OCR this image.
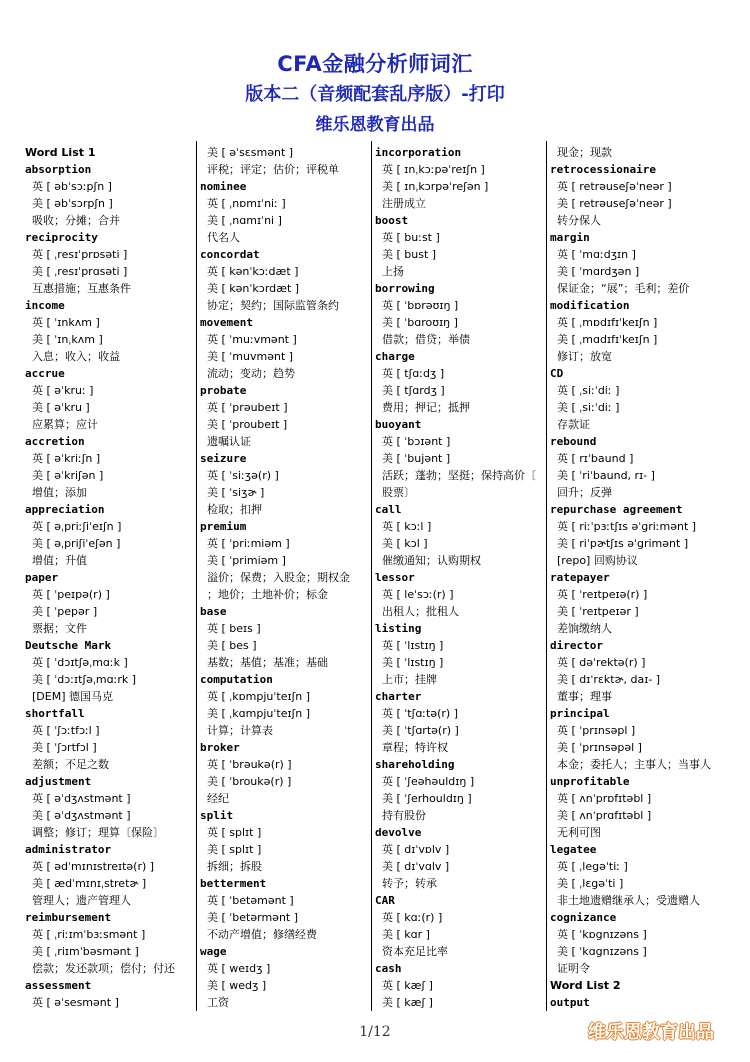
CFA金融分析师词汇
版本二（音频配套乱序版）-打印
维乐恩教育出品
Word List 1
absorption
英 [ əbˈsɔːpʃn ]
美 [ əbˈsɔrpʃn ]
吸收；分摊；合并
reciprocity
英 [ ˌresɪˈprɒsəti ]
美 [ ˌresɪˈprɑsəti ]
互惠措施；互惠条件
income
英 [ ˈɪnkʌm ]
美 [ ˈɪnˌkʌm ]
入息；收入；收益
accrue
英 [ əˈkruː ]
美 [ əˈkru ]
应累算；应计
accretion
英 [ əˈkriːʃn ]
美 [ əˈkriʃən ]
增值；添加
appreciation
英 [ əˌpriːʃiˈeɪʃn ]
美 [ əˌpriʃiˈeʃən ]
增值；升值
paper
英 [ ˈpeɪpə(r) ]
美 [ ˈpepər ]
票据；文件
Deutsche Mark
英 [ ˈdɔɪtʃəˌmɑːk ]
美 [ ˈdɔːɪtʃəˌmɑːrk ]
[DEM] 德国马克
shortfall
英 [ ˈʃɔːtfɔːl ]
美 [ ˈʃɔrtfɔl ]
差额；不足之数
adjustment
英 [ əˈdʒʌstmənt ]
美 [ əˈdʒʌstmənt ]
调整；修订；理算〔保险〕
administrator
英 [ ədˈmɪnɪstreɪtə(r) ]
美 [ ædˈmɪnɪˌstretɚ ]
管理人；遗产管理人
reimbursement
英 [ ˌriːɪmˈbɜːsmənt ]
美 [ ˌriɪmˈbəsmənt ]
偿款；发还款项；偿付；付还
assessment
英 [ əˈsesmənt ]
美 [ əˈsɛsmənt ]
评税；评定；估价；评税单
nominee
英 [ ˌnɒmɪˈniː ]
美 [ ˌnɑmɪˈni ]
代名人
concordat
英 [ kənˈkɔːdæt ]
美 [ kənˈkɔrdæt ]
协定；契约；国际监管条约
movement
英 [ ˈmuːvmənt ]
美 [ ˈmuvmənt ]
流动；变动；趋势
probate
英 [ ˈprəubeɪt ]
美 [ ˈproubeɪt ]
遗嘱认证
seizure
英 [ ˈsiːʒə(r) ]
美 [ ˈsiʒɚ ]
检取；扣押
premium
英 [ ˈpriːmiəm ]
美 [ ˈprimiəm ]
溢价；保费；入股金；期权金
；地价；土地补价；标金
base
英 [ beɪs ]
美 [ bes ]
基数；基值；基准；基础
computation
英 [ ˌkɒmpjuˈteɪʃn ]
美 [ ˌkɑmpjuˈteɪʃn ]
计算；计算表
broker
英 [ ˈbrəukə(r) ]
美 [ ˈbroukə(r) ]
经纪
split
英 [ splɪt ]
美 [ splɪt ]
拆细；拆股
betterment
英 [ ˈbetəmənt ]
美 [ ˈbetərmənt ]
不动产增值；修缮经费
wage
英 [ weɪdʒ ]
美 [ wedʒ ]
工资
incorporation
英 [ ɪnˌkɔːpəˈreɪʃn ]
美 [ ɪnˌkɔrpəˈreʃən ]
注册成立
boost
英 [ buːst ]
美 [ bust ]
上扬
borrowing
英 [ ˈbɒrəʊɪŋ ]
美 [ ˈbɑroʊɪŋ ]
借款；借贷；举债
charge
英 [ tʃɑːdʒ ]
美 [ tʃɑrdʒ ]
费用；押记；抵押
buoyant
英 [ ˈbɔɪənt ]
美 [ ˈbujənt ]
活跃；蓬勃；坚挺；保持高价〔
股票〕
call
英 [ kɔːl ]
美 [ kɔl ]
催缴通知；认购期权
lessor
英 [ leˈsɔː(r) ]
出租人；批租人
listing
英 [ ˈlɪstɪŋ ]
美 [ ˈlɪstɪŋ ]
上市；挂牌
charter
英 [ ˈtʃɑːtə(r) ]
美 [ ˈtʃɑrtə(r) ]
章程；特许权
shareholding
英 [ ˈʃeəhəuldɪŋ ]
美 [ ˈʃerhouldɪŋ ]
持有股份
devolve
英 [ dɪˈvɒlv ]
美 [ dɪˈvɑlv ]
转予；转承
CAR
英 [ kɑː(r) ]
美 [ kɑr ]
资本充足比率
cash
英 [ kæʃ ]
美 [ kæʃ ]
现金；现款
retrocessionaire
英 [ retrəuseʃəˈneər ]
美 [ retrəuseʃəˈneər ]
转分保人
margin
英 [ ˈmɑːdʒɪn ]
美 [ ˈmɑrdʒən ]
保证金；“展”；毛利；差价
modification
英 [ ˌmɒdɪfɪˈkeɪʃn ]
美 [ ˌmɑdɪfɪˈkeɪʃn ]
修订；放宽
CD
英 [ ˌsiːˈdiː ]
美 [ ˌsiːˈdiː ]
存款证
rebound
英 [ rɪˈbaund ]
美 [ ˈriˈbaund, rɪ- ]
回升；反弹
repurchase agreement
英 [ riːˈpɜːtʃɪs əˈgriːmənt ]
美 [ riˈpɚtʃɪs əˈgrimənt ]
[repo] 回购协议
ratepayer
英 [ ˈreɪtpeɪə(r) ]
美 [ ˈreɪtpeɪər ]
差饷缴纳人
director
英 [ dəˈrektə(r) ]
美 [ dɪˈrɛktɚ, daɪ- ]
董事；理事
principal
英 [ ˈprɪnsəpl ]
美 [ ˈprɪnsəpəl ]
本金；委托人；主事人；当事人
unprofitable
英 [ ʌnˈprɒfɪtəbl ]
美 [ ʌnˈprɑfɪtəbl ]
无利可图
legatee
英 [ ˌlegəˈtiː ]
美 [ ˌlɛgəˈti ]
非土地遗赠继承人；受遗赠人
cognizance
英 [ ˈkɒgnɪzəns ]
美 [ ˈkɑgnɪzəns ]
证明令
Word List 2
output
1/12	维乐恩教育出品
